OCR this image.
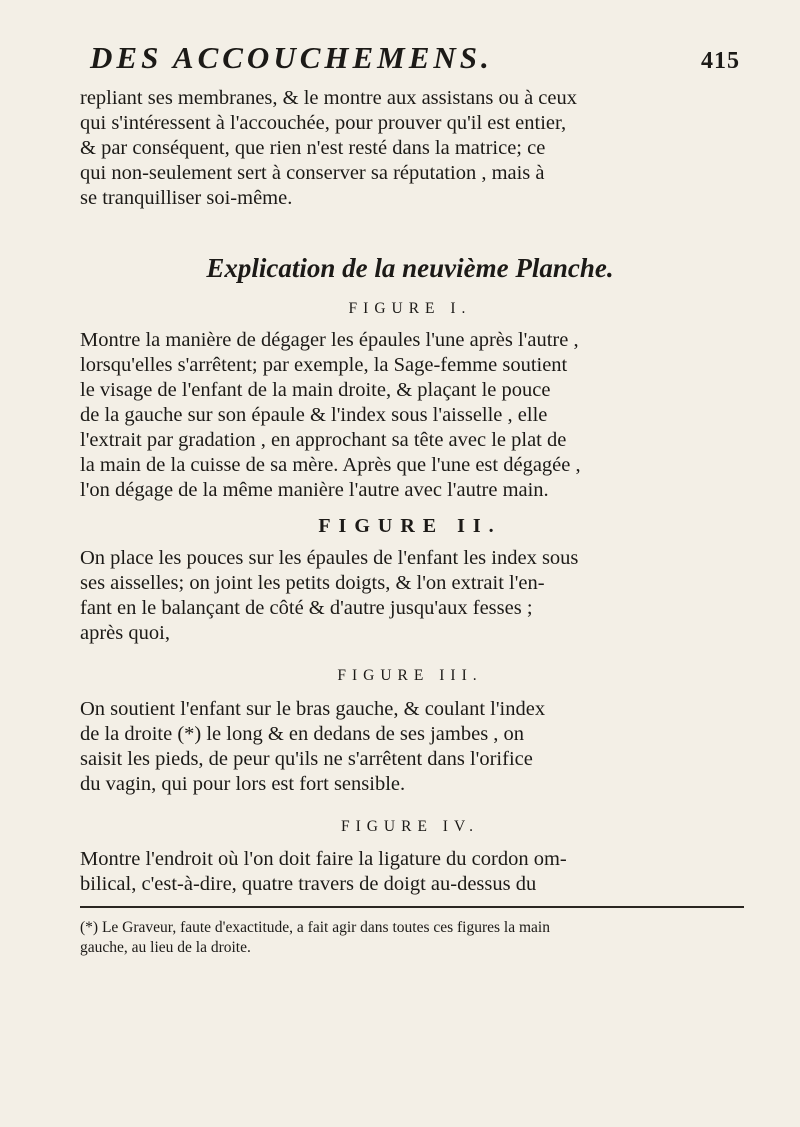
DES ACCOUCHEMENS.	415
repliant ses membranes, & le montre aux assistans ou à ceux
qui s'intéressent à l'accouchée, pour prouver qu'il est entier,
& par conséquent, que rien n'est resté dans la matrice; ce
qui non-seulement sert à conserver sa réputation , mais à
se tranquilliser soi-même.
Explication de la neuvième Planche.
FIGURE I.
Montre la manière de dégager les épaules l'une après l'autre ,
lorsqu'elles s'arrêtent; par exemple, la Sage-femme soutient
le visage de l'enfant de la main droite, & plaçant le pouce
de la gauche sur son épaule & l'index sous l'aisselle , elle
l'extrait par gradation , en approchant sa tête avec le plat de
la main de la cuisse de sa mère. Après que l'une est dégagée ,
l'on dégage de la même manière l'autre avec l'autre main.
FIGURE II.
On place les pouces sur les épaules de l'enfant les index sous
ses aisselles; on joint les petits doigts, & l'on extrait l'en-
fant en le balançant de côté & d'autre jusqu'aux fesses ;
après quoi,
FIGURE III.
On soutient l'enfant sur le bras gauche, & coulant l'index
de la droite (*) le long & en dedans de ses jambes , on
saisit les pieds, de peur qu'ils ne s'arrêtent dans l'orifice
du vagin, qui pour lors est fort sensible.
FIGURE IV.
Montre l'endroit où l'on doit faire la ligature du cordon om-
bilical, c'est-à-dire, quatre travers de doigt au-dessus du
(*) Le Graveur, faute d'exactitude, a fait agir dans toutes ces figures la main
gauche, au lieu de la droite.
